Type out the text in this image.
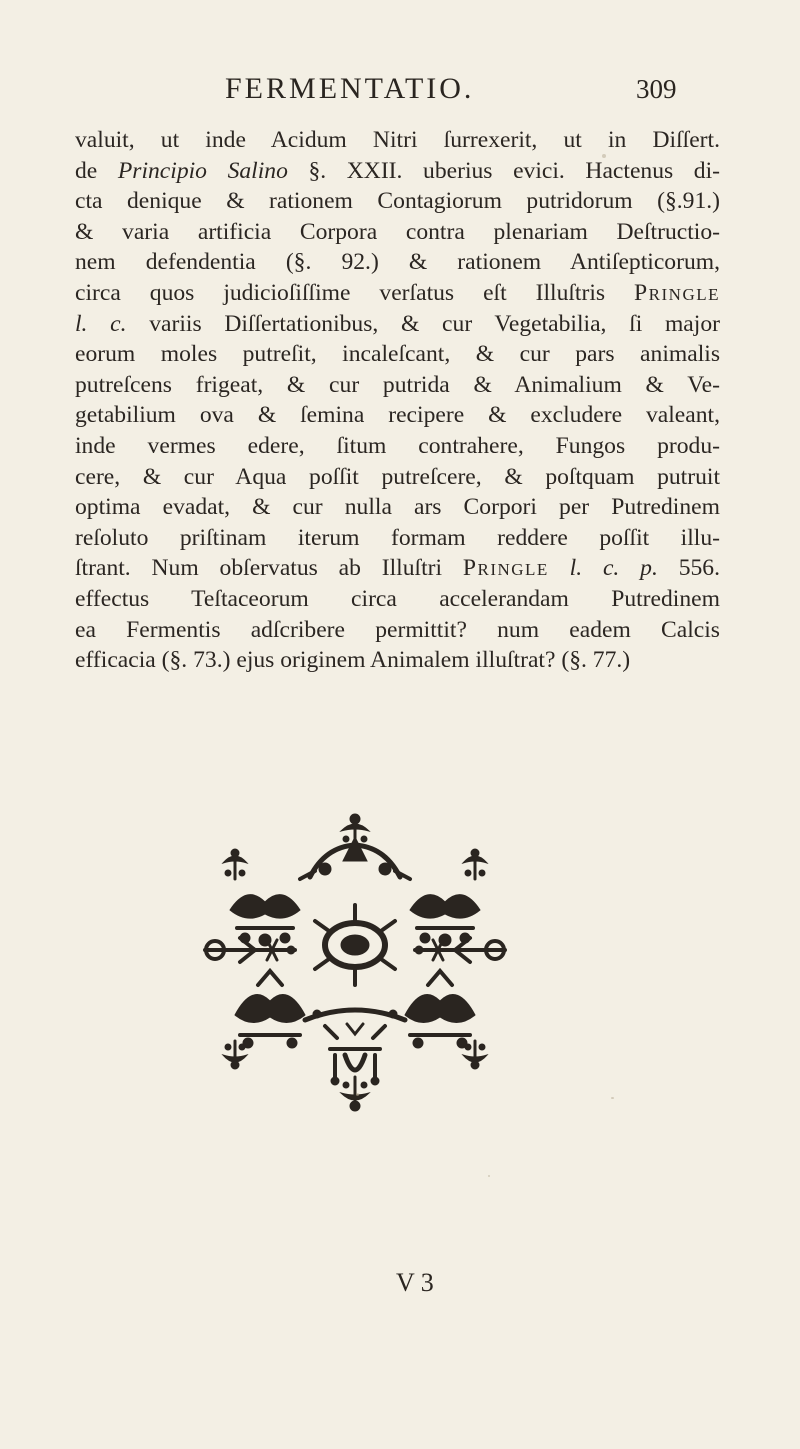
FERMENTATIO.	309
valuit, ut inde Acidum Nitri ſurrexerit, ut in Diſſert.
de Principio Salino §. XXII. uberius evici. Hactenus di-
cta denique & rationem Contagiorum putridorum (§.91.)
& varia artificia Corpora contra plenariam Deſtructio-
nem defendentia (§. 92.) & rationem Antiſepticorum,
circa quos judicioſiſſime verſatus eſt Illuſtris Pringle
l. c. variis Diſſertationibus, & cur Vegetabilia, ſi major
eorum moles putreſit, incaleſcant, & cur pars animalis
putreſcens frigeat, & cur putrida & Animalium & Ve-
getabilium ova & ſemina recipere & excludere valeant,
inde vermes edere, ſitum contrahere, Fungos produ-
cere, & cur Aqua poſſit putreſcere, & poſtquam putruit
optima evadat, & cur nulla ars Corpori per Putredinem
reſoluto priſtinam iterum formam reddere poſſit illu-
ſtrant. Num obſervatus ab Illuſtri Pringle l. c. p. 556.
effectus Teſtaceorum circa accelerandam Putredinem
ea Fermentis adſcribere permittit? num eadem Calcis
efficacia (§. 73.) ejus originem Animalem illuſtrat? (§. 77.)
V 3
